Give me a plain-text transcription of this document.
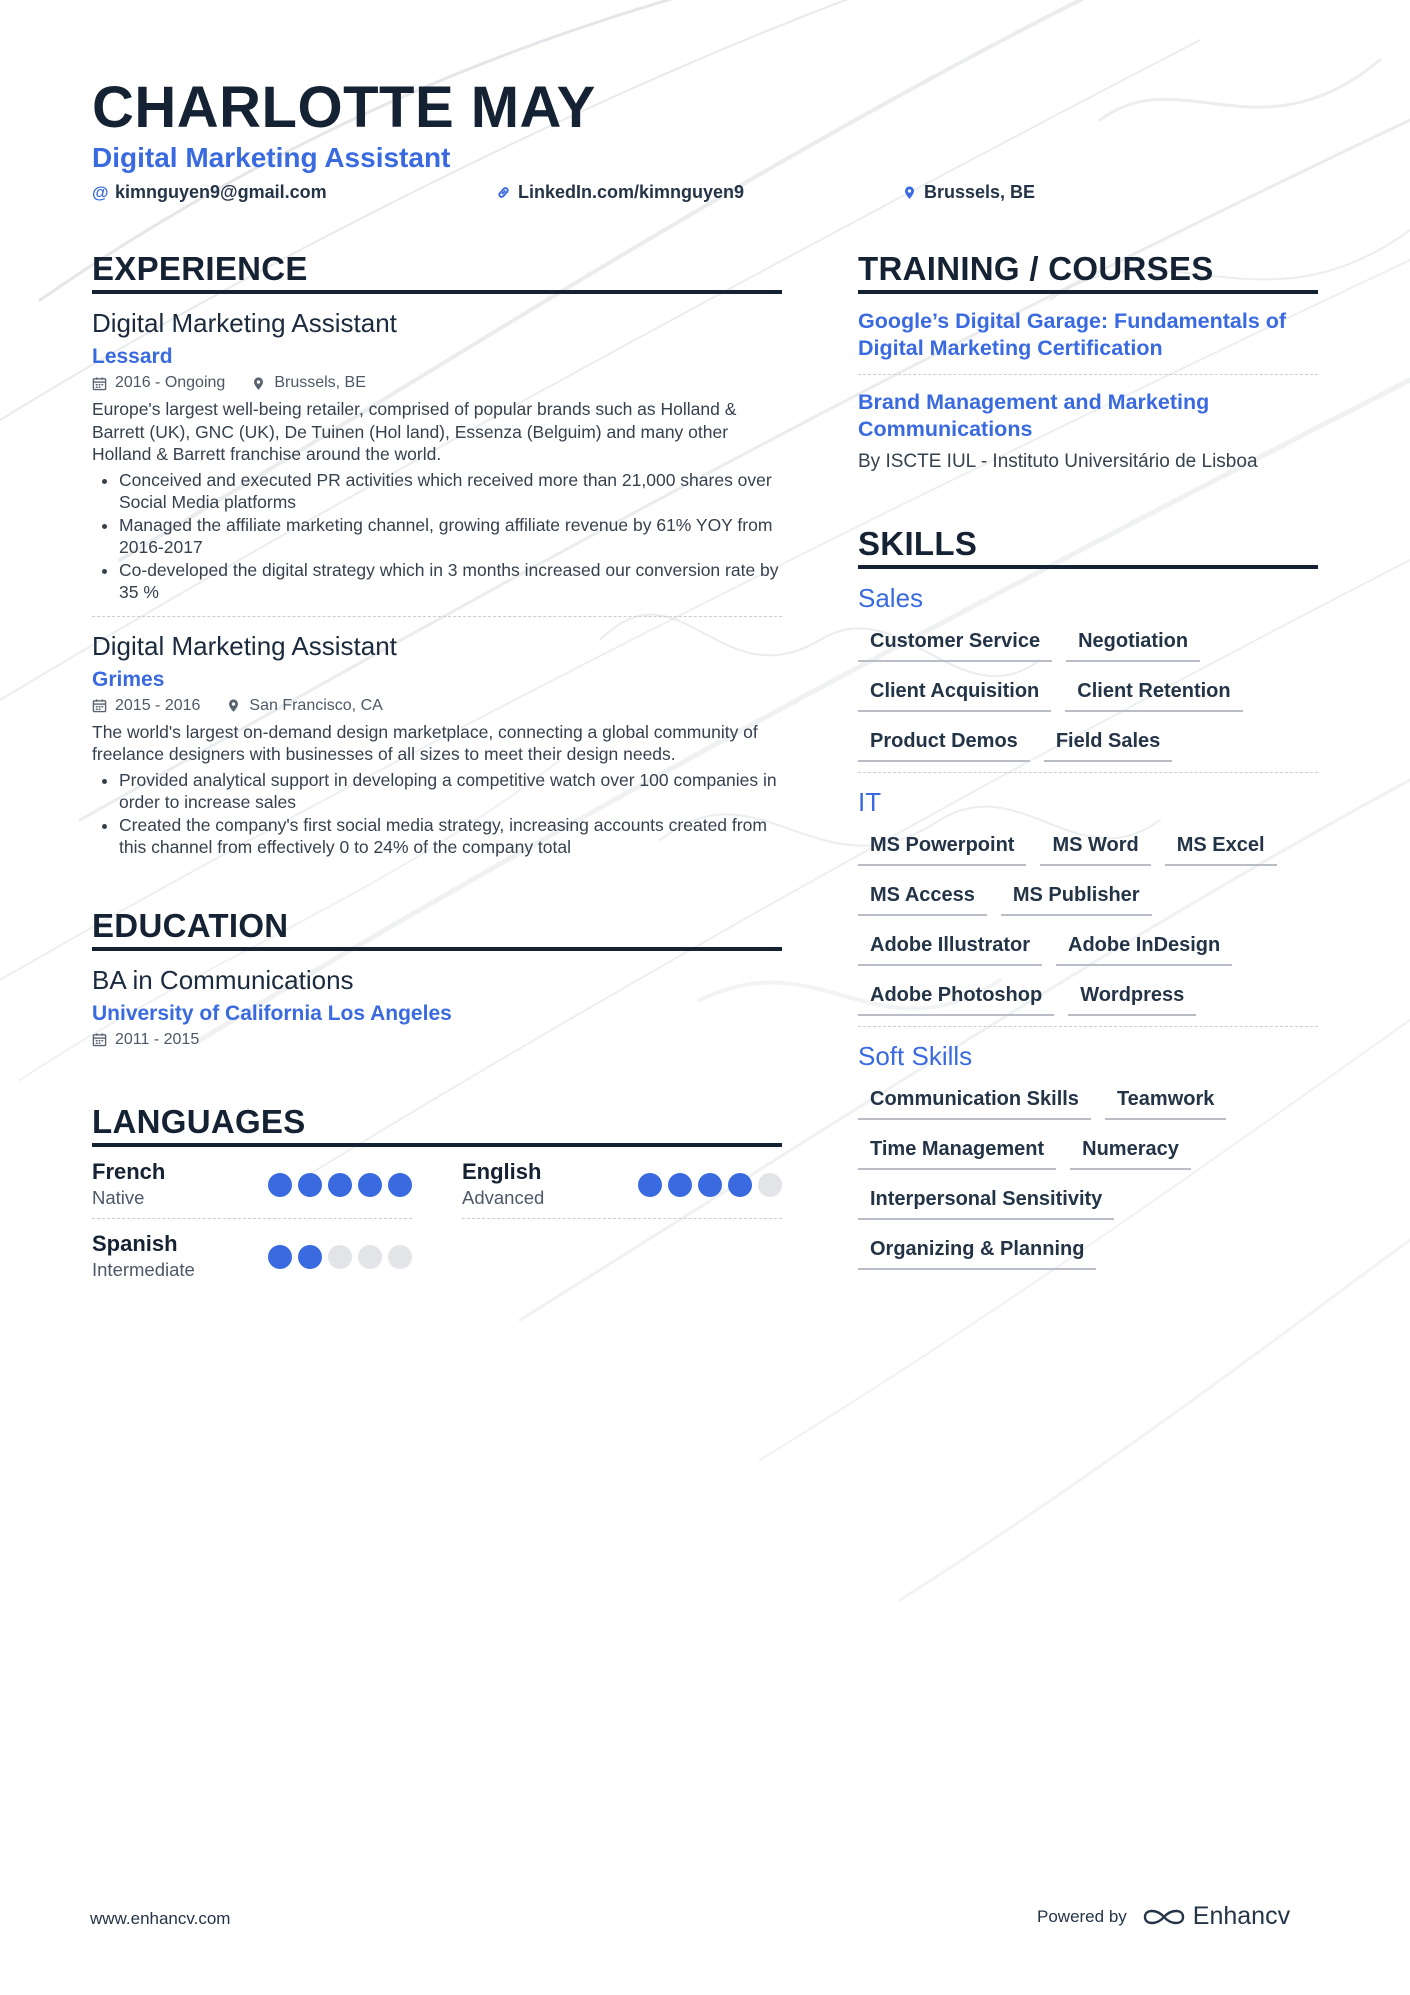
CHARLOTTE MAY
Digital Marketing Assistant
@ kimnguyen9@gmail.com	LinkedIn.com/kimnguyen9	Brussels, BE
EXPERIENCE
Digital Marketing Assistant
Lessard
2016 - Ongoing	Brussels, BE
Europe's largest well-being retailer, comprised of popular brands such as Holland & Barrett (UK), GNC (UK), De Tuinen (Hol land), Essenza (Belguim) and many other Holland & Barrett franchise around the world.
• Conceived and executed PR activities which received more than 21,000 shares over Social Media platforms
• Managed the affiliate marketing channel, growing affiliate revenue by 61% YOY from 2016-2017
• Co-developed the digital strategy which in 3 months increased our conversion rate by 35 %
Digital Marketing Assistant
Grimes
2015 - 2016	San Francisco, CA
The world's largest on-demand design marketplace, connecting a global community of freelance designers with businesses of all sizes to meet their design needs.
• Provided analytical support in developing a competitive watch over 100 companies in order to increase sales
• Created the company's first social media strategy, increasing accounts created from this channel from effectively 0 to 24% of the company total
EDUCATION
BA in Communications
University of California Los Angeles
2011 - 2015
LANGUAGES
French
Native
English
Advanced
Spanish
Intermediate
TRAINING / COURSES
Google’s Digital Garage: Fundamentals of Digital Marketing Certification
Brand Management and Marketing Communications
By ISCTE IUL - Instituto Universitário de Lisboa
SKILLS
Sales
Customer Service	Negotiation
Client Acquisition	Client Retention
Product Demos	Field Sales
IT
MS Powerpoint	MS Word	MS Excel
MS Access	MS Publisher
Adobe Illustrator	Adobe InDesign
Adobe Photoshop	Wordpress
Soft Skills
Communication Skills	Teamwork
Time Management	Numeracy
Interpersonal Sensitivity
Organizing & Planning
www.enhancv.com	Powered by	Enhancv
